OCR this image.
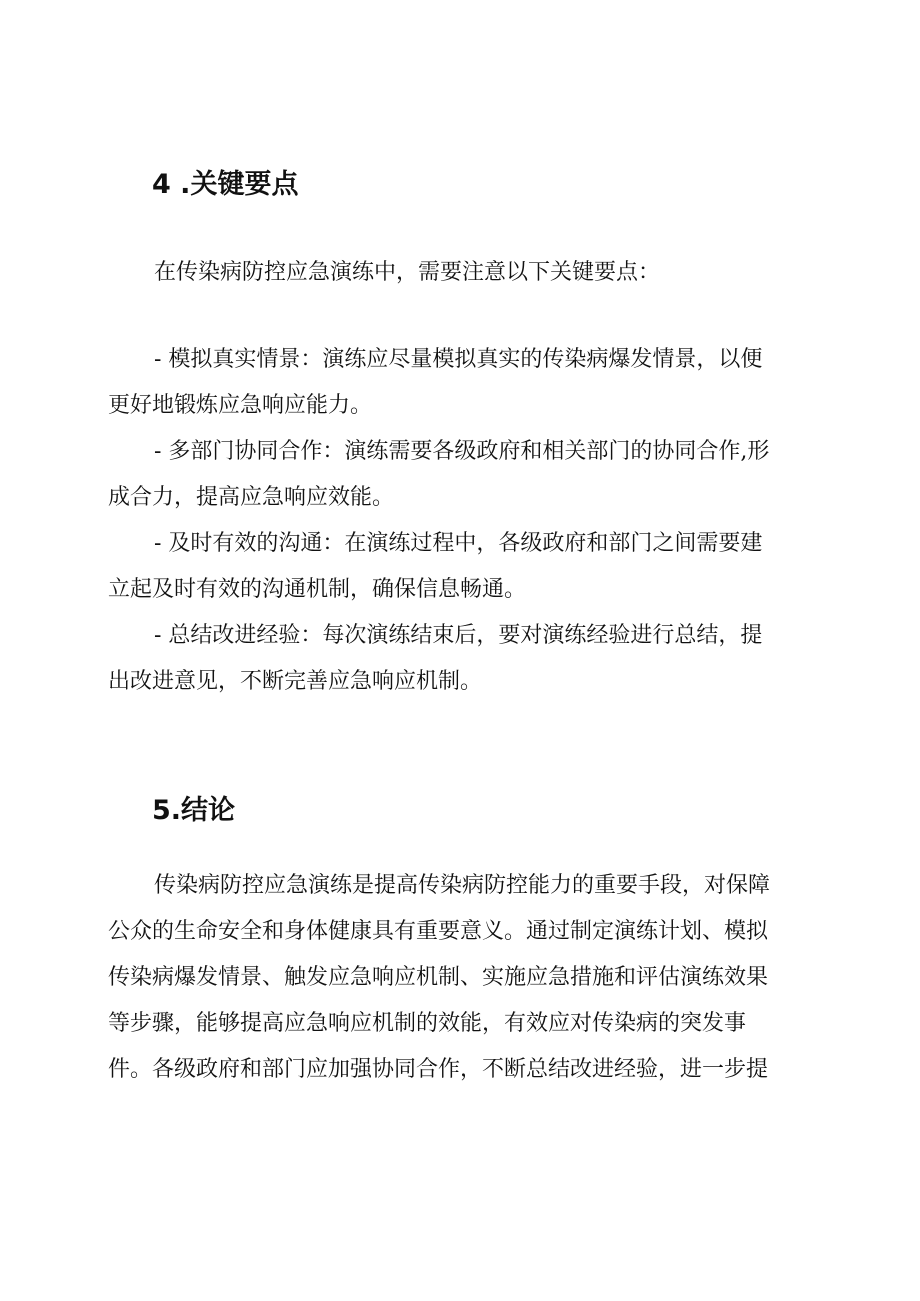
4 .关键要点

在传染病防控应急演练中，需要注意以下关键要点：

- 模拟真实情景：演练应尽量模拟真实的传染病爆发情景，以便
更好地锻炼应急响应能力。
- 多部门协同合作：演练需要各级政府和相关部门的协同合作,形
成合力，提高应急响应效能。
- 及时有效的沟通：在演练过程中，各级政府和部门之间需要建
立起及时有效的沟通机制，确保信息畅通。
- 总结改进经验：每次演练结束后，要对演练经验进行总结，提
出改进意见，不断完善应急响应机制。
5.结论

传染病防控应急演练是提高传染病防控能力的重要手段，对保障
公众的生命安全和身体健康具有重要意义。通过制定演练计划、模拟
传染病爆发情景、触发应急响应机制、实施应急措施和评估演练效果
等步骤，能够提高应急响应机制的效能，有效应对传染病的突发事
件。各级政府和部门应加强协同合作，不断总结改进经验，进一步提
